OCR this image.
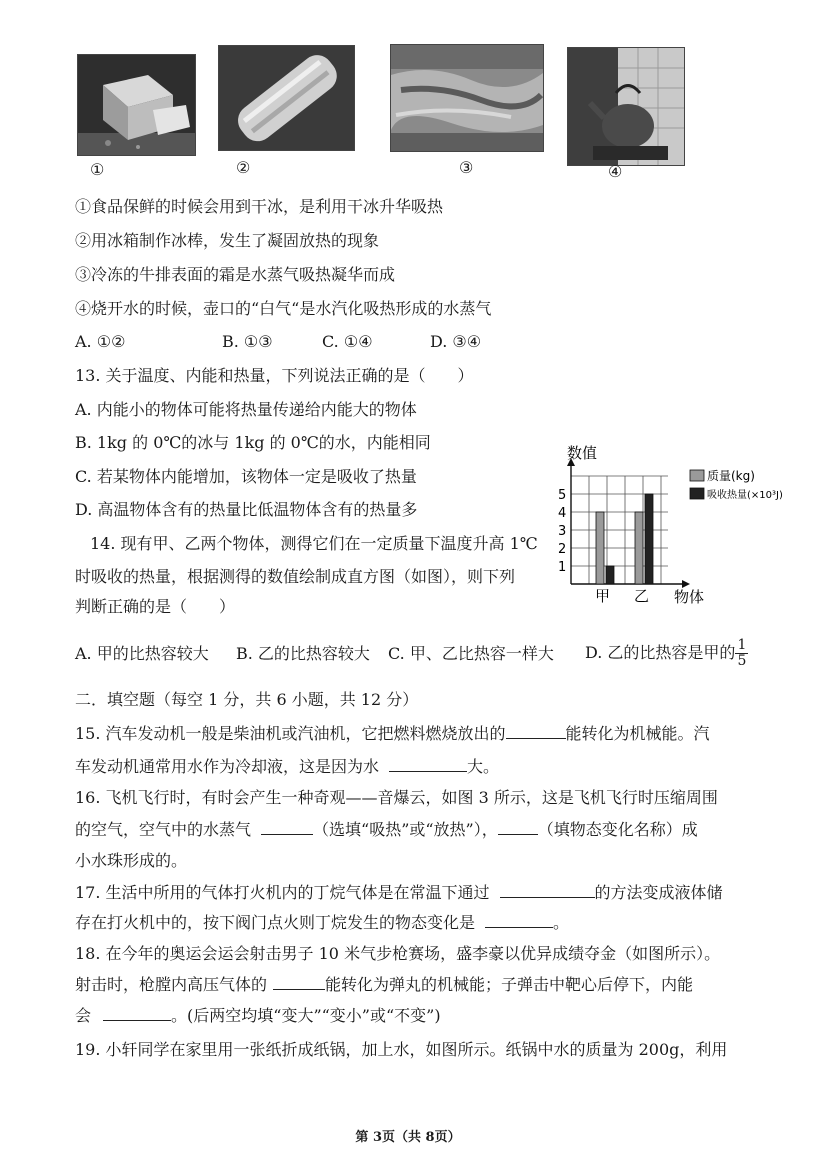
①	②	③	④
①食品保鲜的时候会用到干冰，是利用干冰升华吸热
②用冰箱制作冰棒，发生了凝固放热的现象
③冷冻的牛排表面的霜是水蒸气吸热凝华而成
④烧开水的时候，壶口的“白气“是水汽化吸热形成的水蒸气
A. ①②	B. ①③	C. ①④	D. ③④
13. 关于温度、内能和热量，下列说法正确的是（　　）
A. 内能小的物体可能将热量传递给内能大的物体
B. 1kg 的 0℃的冰与 1kg 的 0℃的水，内能相同
C. 若某物体内能增加，该物体一定是吸收了热量
D. 高温物体含有的热量比低温物体含有的热量多
数值
物体
1
2
3
4
5
甲 乙
质量(kg)
吸收热量(×10³J)
14. 现有甲、乙两个物体，测得它们在一定质量下温度升高 1℃
时吸收的热量，根据测得的数值绘制成直方图（如图），则下列
判断正确的是（　　）
A. 甲的比热容较大 B. 乙的比热容较大 C. 甲、乙比热容一样大 D. 乙的比热容是甲的 $\frac{1}{5}$
二．填空题（每空 1 分，共 6 小题，共 12 分）
15. 汽车发动机一般是柴油机或汽油机，它把燃料燃烧放出的	能转化为机械能。汽
车发动机通常用水作为冷却液，这是因为水	大。
16. 飞机飞行时，有时会产生一种奇观——音爆云，如图 3 所示，这是飞机飞行时压缩周围
的空气，空气中的水蒸气	（选填“吸热”或“放热”），	（填物态变化名称）成
小水珠形成的。
17. 生活中所用的气体打火机内的丁烷气体是在常温下通过	的方法变成液体储
存在打火机中的，按下阀门点火则丁烷发生的物态变化是	。
18. 在今年的奥运会运会射击男子 10 米气步枪赛场，盛李豪以优异成绩夺金（如图所示）。
射击时，枪膛内高压气体的	能转化为弹丸的机械能；子弹击中靶心后停下，内能
会	。(后两空均填“变大”“变小”或“不变”)
19. 小轩同学在家里用一张纸折成纸锅，加上水，如图所示。纸锅中水的质量为 200g，利用
第 3页（共 8页）
